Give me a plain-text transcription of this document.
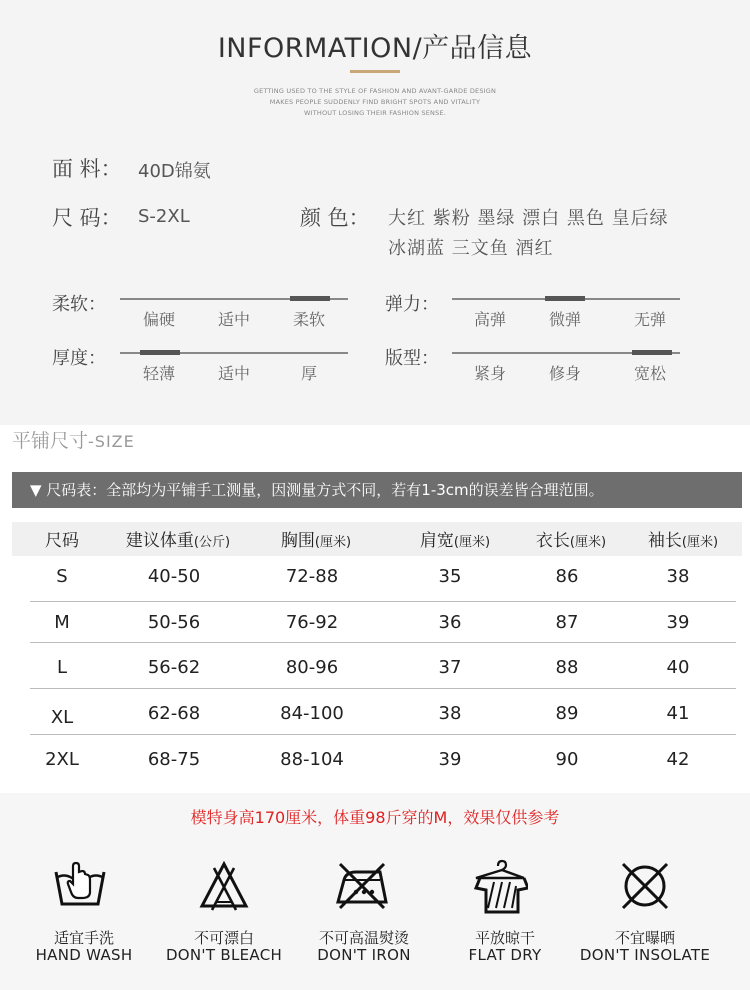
INFORMATION/产品信息
GETTING USED TO THE STYLE OF FASHION AND AVANT-GARDE DESIGN
MAKES PEOPLE SUDDENLY FIND BRIGHT SPOTS AND VITALITY
WITHOUT LOSING THEIR FASHION SENSE.
面 料： 40D锦氨
尺 码： S-2XL	颜 色： 大红 紫粉 墨绿 漂白 黑色 皇后绿
冰湖蓝 三文鱼 酒红
柔软：
偏硬	适中	柔软
弹力：
高弹	微弹	无弹
厚度：
轻薄	适中	厚
版型：
紧身	修身	宽松
平铺尺寸-SIZE
▼ 尺码表：全部均为平铺手工测量，因测量方式不同，若有1-3cm的误差皆合理范围。
尺码	建议体重(公斤)	胸围(厘米)	肩宽(厘米)	衣长(厘米) 袖长(厘米)
S	40-50	72-88	35	86	38
M	50-56	76-92	36	87	39
L	56-62	80-96	37	88	40
XL	62-68	84-100	38	89	41
2XL	68-75	88-104	39	90	42
模特身高170厘米，体重98斤穿的M，效果仅供参考
适宜手洗
HAND WASH
不可漂白
DON'T BLEACH
不可高温熨烫
DON'T IRON
平放晾干
FLAT DRY
不宜曝晒
DON'T INSOLATE
